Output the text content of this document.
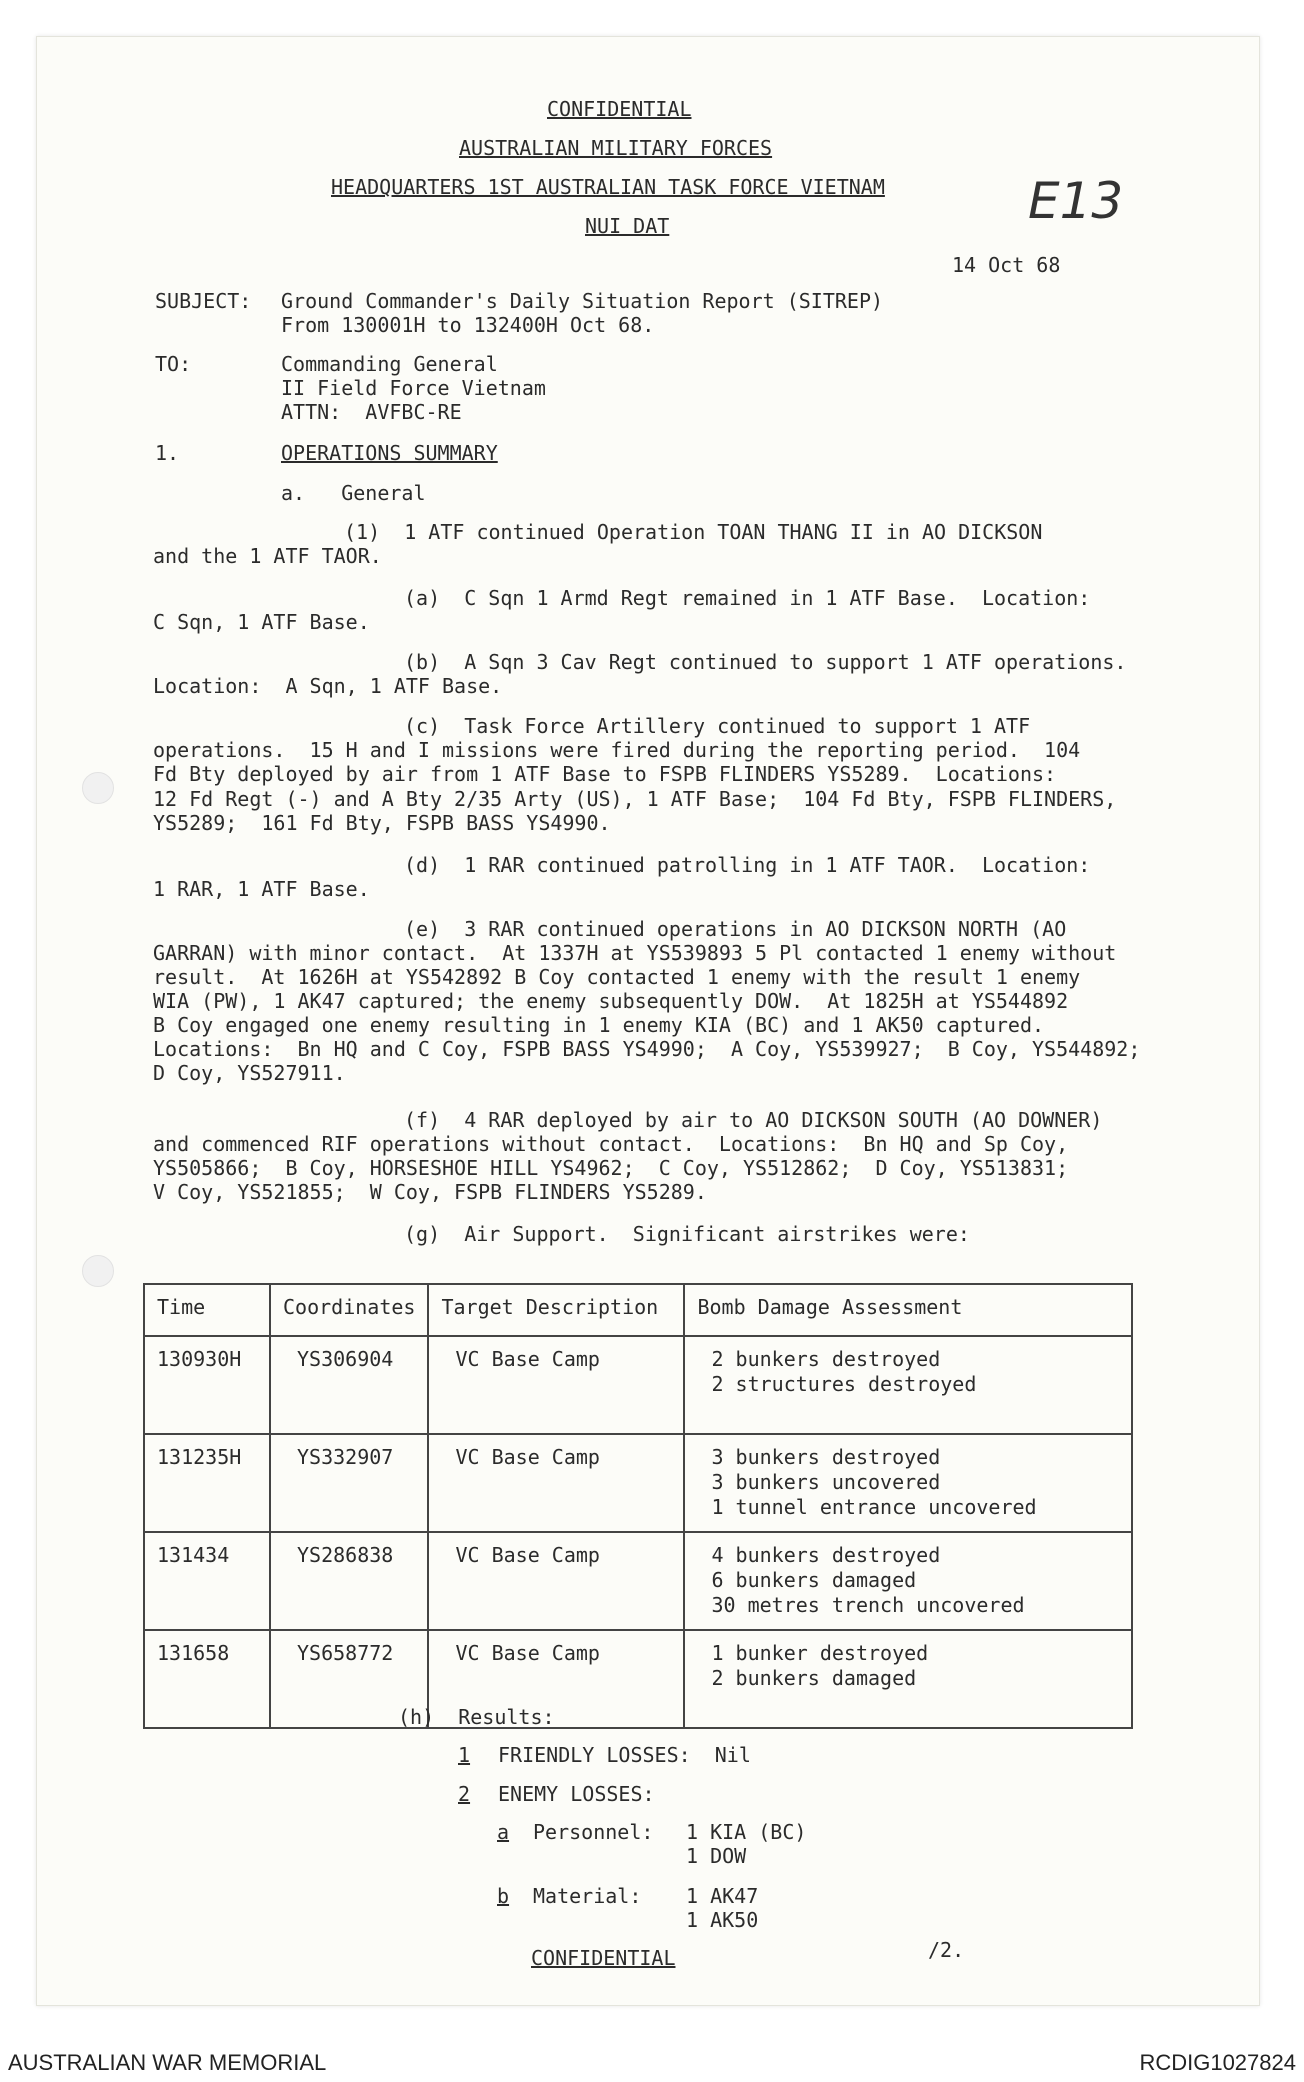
CONFIDENTIAL
AUSTRALIAN MILITARY FORCES
HEADQUARTERS 1ST AUSTRALIAN TASK FORCE VIETNAM
NUI DAT	E13
14 Oct 68
SUBJECT: Ground Commander's Daily Situation Report (SITREP)
From 130001H to 132400H Oct 68.
TO:	Commanding General
II Field Force Vietnam
ATTN:  AVFBC-RE
1.	OPERATIONS SUMMARY
a.   General
(1)  1 ATF continued Operation TOAN THANG II in AO DICKSON
and the 1 ATF TAOR.
(a)  C Sqn 1 Armd Regt remained in 1 ATF Base.  Location:
C Sqn, 1 ATF Base.
(b)  A Sqn 3 Cav Regt continued to support 1 ATF operations.
Location:  A Sqn, 1 ATF Base.
(c)  Task Force Artillery continued to support 1 ATF
operations.  15 H and I missions were fired during the reporting period.  104
Fd Bty deployed by air from 1 ATF Base to FSPB FLINDERS YS5289.  Locations:
12 Fd Regt (-) and A Bty 2/35 Arty (US), 1 ATF Base;  104 Fd Bty, FSPB FLINDERS,
YS5289;  161 Fd Bty, FSPB BASS YS4990.
(d)  1 RAR continued patrolling in 1 ATF TAOR.  Location:
1 RAR, 1 ATF Base.
(e)  3 RAR continued operations in AO DICKSON NORTH (AO
GARRAN) with minor contact.  At 1337H at YS539893 5 Pl contacted 1 enemy without
result.  At 1626H at YS542892 B Coy contacted 1 enemy with the result 1 enemy
WIA (PW), 1 AK47 captured; the enemy subsequently DOW.  At 1825H at YS544892
B Coy engaged one enemy resulting in 1 enemy KIA (BC) and 1 AK50 captured.
Locations:  Bn HQ and C Coy, FSPB BASS YS4990;  A Coy, YS539927;  B Coy, YS544892;
D Coy, YS527911.
(f)  4 RAR deployed by air to AO DICKSON SOUTH (AO DOWNER)
and commenced RIF operations without contact.  Locations:  Bn HQ and Sp Coy,
YS505866;  B Coy, HORSESHOE HILL YS4962;  C Coy, YS512862;  D Coy, YS513831;
V Coy, YS521855;  W Coy, FSPB FLINDERS YS5289.
(g)  Air Support.  Significant airstrikes were:
Time	Coordinates	Target Description	Bomb Damage Assessment
130930H	YS306904	VC Base Camp	2 bunkers destroyed
2 structures destroyed

131235H	YS332907	VC Base Camp	3 bunkers destroyed
3 bunkers uncovered
1 tunnel entrance uncovered

131434	YS286838	VC Base Camp	4 bunkers destroyed
6 bunkers damaged
30 metres trench uncovered

131658	YS658772	VC Base Camp	1 bunker destroyed
2 bunkers damaged
(h)  Results:
1 FRIENDLY LOSSES:  Nil
2 ENEMY LOSSES:
a Personnel: 1 KIA (BC)
1 DOW
b Material: 1 AK47
1 AK50
CONFIDENTIAL	/2.
AUSTRALIAN WAR MEMORIAL	RCDIG1027824
